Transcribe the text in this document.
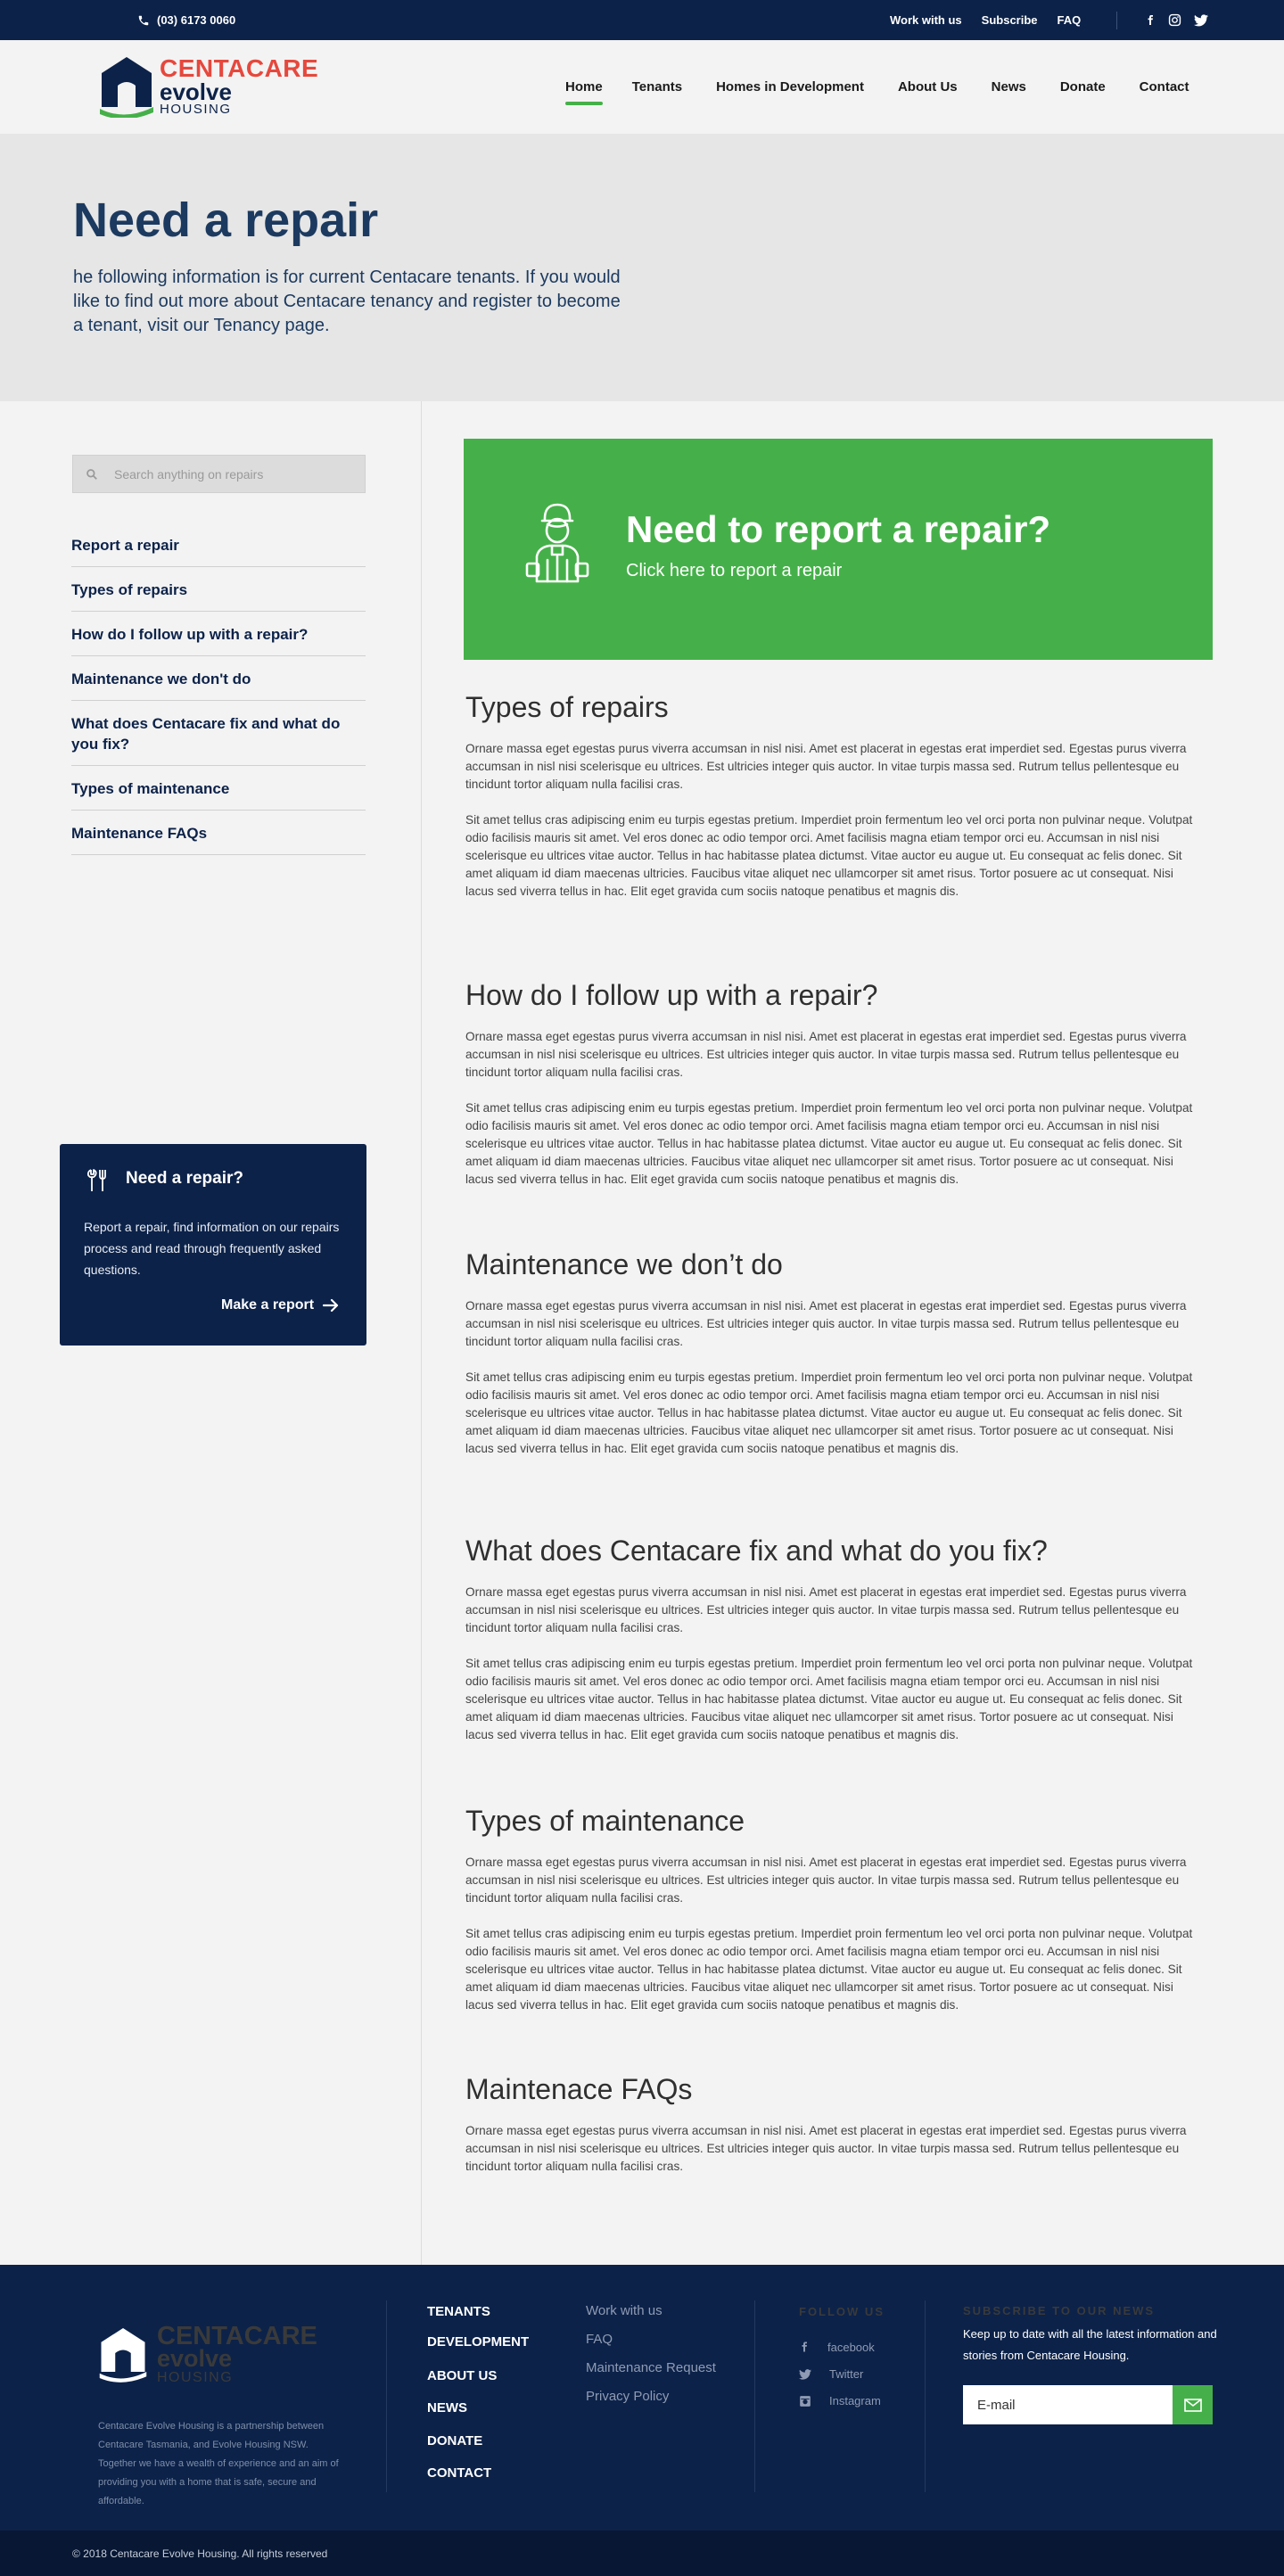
(03) 6173 0060	Work with us Subscribe FAQ
CENTACARE
evolve
HOUSING
Home Tenants	Homes in Development	About Us	News	Donate	Contact
Need a repair

he following information is for current Centacare tenants. If you would like to find out more about Centacare tenancy and register to become a tenant, visit our Tenancy page.

Search anything on repairs
Report a repair
Types of repairs
How do I follow up with a repair?
Maintenance we don't do
What does Centacare fix and what do you fix?
Types of maintenance
Maintenance FAQs
Need a repair?
Report a repair, find information on our repairs process and read through frequently asked questions.
Make a report
Need to report a repair?
Click here to report a repair
Types of repairs

Ornare massa eget egestas purus viverra accumsan in nisl nisi. Amet est placerat in egestas erat imperdiet sed. Egestas purus viverra accumsan in nisl nisi scelerisque eu ultrices. Est ultricies integer quis auctor. In vitae turpis massa sed. Rutrum tellus pellentesque eu tincidunt tortor aliquam nulla facilisi cras.

Sit amet tellus cras adipiscing enim eu turpis egestas pretium. Imperdiet proin fermentum leo vel orci porta non pulvinar neque. Volutpat odio facilisis mauris sit amet. Vel eros donec ac odio tempor orci. Amet facilisis magna etiam tempor orci eu. Accumsan in nisl nisi scelerisque eu ultrices vitae auctor. Tellus in hac habitasse platea dictumst. Vitae auctor eu augue ut. Eu consequat ac felis donec. Sit amet aliquam id diam maecenas ultricies. Faucibus vitae aliquet nec ullamcorper sit amet risus. Tortor posuere ac ut consequat. Nisi lacus sed viverra tellus in hac. Elit eget gravida cum sociis natoque penatibus et magnis dis.

How do I follow up with a repair?

Ornare massa eget egestas purus viverra accumsan in nisl nisi. Amet est placerat in egestas erat imperdiet sed. Egestas purus viverra accumsan in nisl nisi scelerisque eu ultrices. Est ultricies integer quis auctor. In vitae turpis massa sed. Rutrum tellus pellentesque eu tincidunt tortor aliquam nulla facilisi cras.

Sit amet tellus cras adipiscing enim eu turpis egestas pretium. Imperdiet proin fermentum leo vel orci porta non pulvinar neque. Volutpat odio facilisis mauris sit amet. Vel eros donec ac odio tempor orci. Amet facilisis magna etiam tempor orci eu. Accumsan in nisl nisi scelerisque eu ultrices vitae auctor. Tellus in hac habitasse platea dictumst. Vitae auctor eu augue ut. Eu consequat ac felis donec. Sit amet aliquam id diam maecenas ultricies. Faucibus vitae aliquet nec ullamcorper sit amet risus. Tortor posuere ac ut consequat. Nisi lacus sed viverra tellus in hac. Elit eget gravida cum sociis natoque penatibus et magnis dis.

Maintenance we don’t do

Ornare massa eget egestas purus viverra accumsan in nisl nisi. Amet est placerat in egestas erat imperdiet sed. Egestas purus viverra accumsan in nisl nisi scelerisque eu ultrices. Est ultricies integer quis auctor. In vitae turpis massa sed. Rutrum tellus pellentesque eu tincidunt tortor aliquam nulla facilisi cras.

Sit amet tellus cras adipiscing enim eu turpis egestas pretium. Imperdiet proin fermentum leo vel orci porta non pulvinar neque. Volutpat odio facilisis mauris sit amet. Vel eros donec ac odio tempor orci. Amet facilisis magna etiam tempor orci eu. Accumsan in nisl nisi scelerisque eu ultrices vitae auctor. Tellus in hac habitasse platea dictumst. Vitae auctor eu augue ut. Eu consequat ac felis donec. Sit amet aliquam id diam maecenas ultricies. Faucibus vitae aliquet nec ullamcorper sit amet risus. Tortor posuere ac ut consequat. Nisi lacus sed viverra tellus in hac. Elit eget gravida cum sociis natoque penatibus et magnis dis.

What does Centacare fix and what do you fix?

Ornare massa eget egestas purus viverra accumsan in nisl nisi. Amet est placerat in egestas erat imperdiet sed. Egestas purus viverra accumsan in nisl nisi scelerisque eu ultrices. Est ultricies integer quis auctor. In vitae turpis massa sed. Rutrum tellus pellentesque eu tincidunt tortor aliquam nulla facilisi cras.

Sit amet tellus cras adipiscing enim eu turpis egestas pretium. Imperdiet proin fermentum leo vel orci porta non pulvinar neque. Volutpat odio facilisis mauris sit amet. Vel eros donec ac odio tempor orci. Amet facilisis magna etiam tempor orci eu. Accumsan in nisl nisi scelerisque eu ultrices vitae auctor. Tellus in hac habitasse platea dictumst. Vitae auctor eu augue ut. Eu consequat ac felis donec. Sit amet aliquam id diam maecenas ultricies. Faucibus vitae aliquet nec ullamcorper sit amet risus. Tortor posuere ac ut consequat. Nisi lacus sed viverra tellus in hac. Elit eget gravida cum sociis natoque penatibus et magnis dis.

Types of maintenance

Ornare massa eget egestas purus viverra accumsan in nisl nisi. Amet est placerat in egestas erat imperdiet sed. Egestas purus viverra accumsan in nisl nisi scelerisque eu ultrices. Est ultricies integer quis auctor. In vitae turpis massa sed. Rutrum tellus pellentesque eu tincidunt tortor aliquam nulla facilisi cras.

Sit amet tellus cras adipiscing enim eu turpis egestas pretium. Imperdiet proin fermentum leo vel orci porta non pulvinar neque. Volutpat odio facilisis mauris sit amet. Vel eros donec ac odio tempor orci. Amet facilisis magna etiam tempor orci eu. Accumsan in nisl nisi scelerisque eu ultrices vitae auctor. Tellus in hac habitasse platea dictumst. Vitae auctor eu augue ut. Eu consequat ac felis donec. Sit amet aliquam id diam maecenas ultricies. Faucibus vitae aliquet nec ullamcorper sit amet risus. Tortor posuere ac ut consequat. Nisi lacus sed viverra tellus in hac. Elit eget gravida cum sociis natoque penatibus et magnis dis.

Maintenace FAQs

Ornare massa eget egestas purus viverra accumsan in nisl nisi. Amet est placerat in egestas erat imperdiet sed. Egestas purus viverra accumsan in nisl nisi scelerisque eu ultrices. Est ultricies integer quis auctor. In vitae turpis massa sed. Rutrum tellus pellentesque eu tincidunt tortor aliquam nulla facilisi cras.

CENTACARE
evolve
HOUSING
Centacare Evolve Housing is a partnership between Centacare Tasmania, and Evolve Housing NSW. Together we have a wealth of experience and an aim of providing you with a home that is safe, secure and affordable.
TENANTS
DEVELOPMENT
ABOUT US
NEWS
DONATE
CONTACT
Work with us
FAQ
Maintenance Request
Privacy Policy
FOLLOW US
facebook
Twitter
Instagram
SUBSCRIBE TO OUR NEWS

Keep up to date with all the latest information and stories from Centacare Housing.

E-mail
© 2018 Centacare Evolve Housing. All rights reserved
